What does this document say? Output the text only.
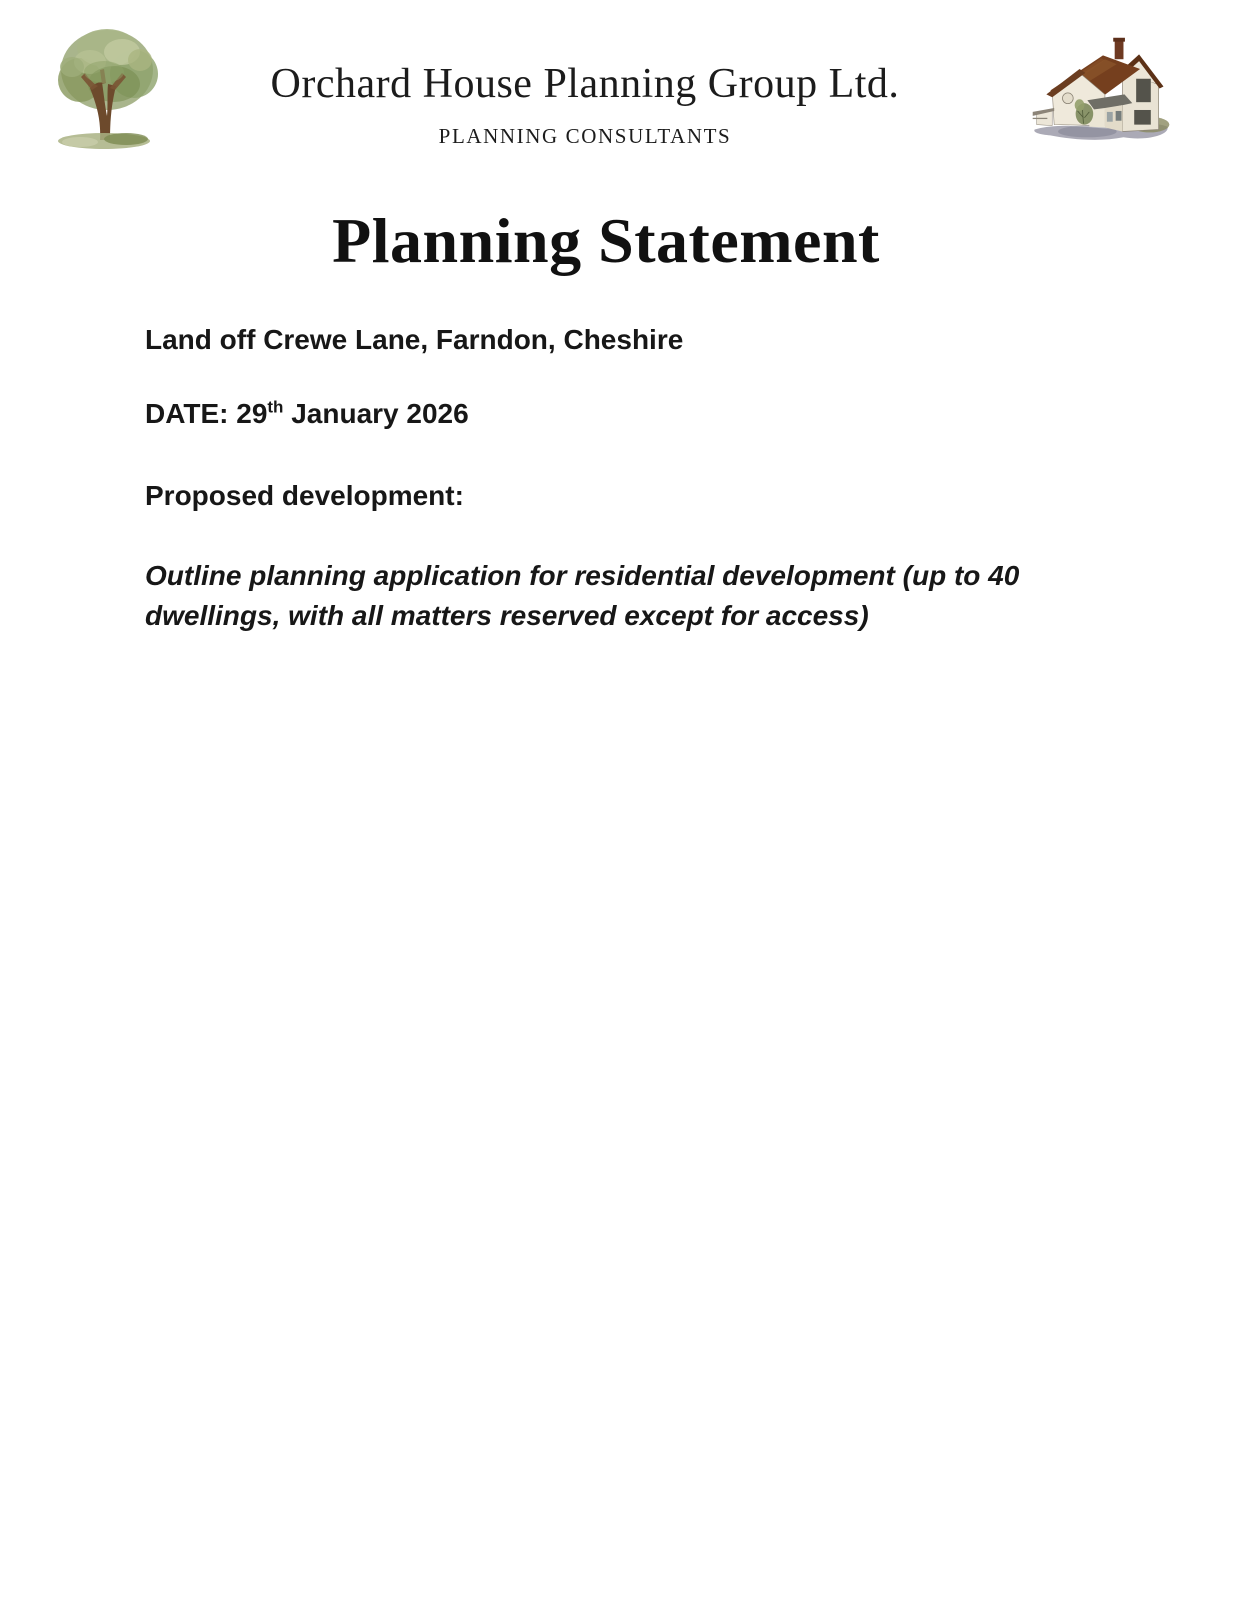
Orchard House Planning Group Ltd.
PLANNING CONSULTANTS
Planning Statement
Land off Crewe Lane, Farndon, Cheshire
DATE: 29th January 2026
Proposed development:
Outline planning application for residential development (up to 40
dwellings, with all matters reserved except for access)
